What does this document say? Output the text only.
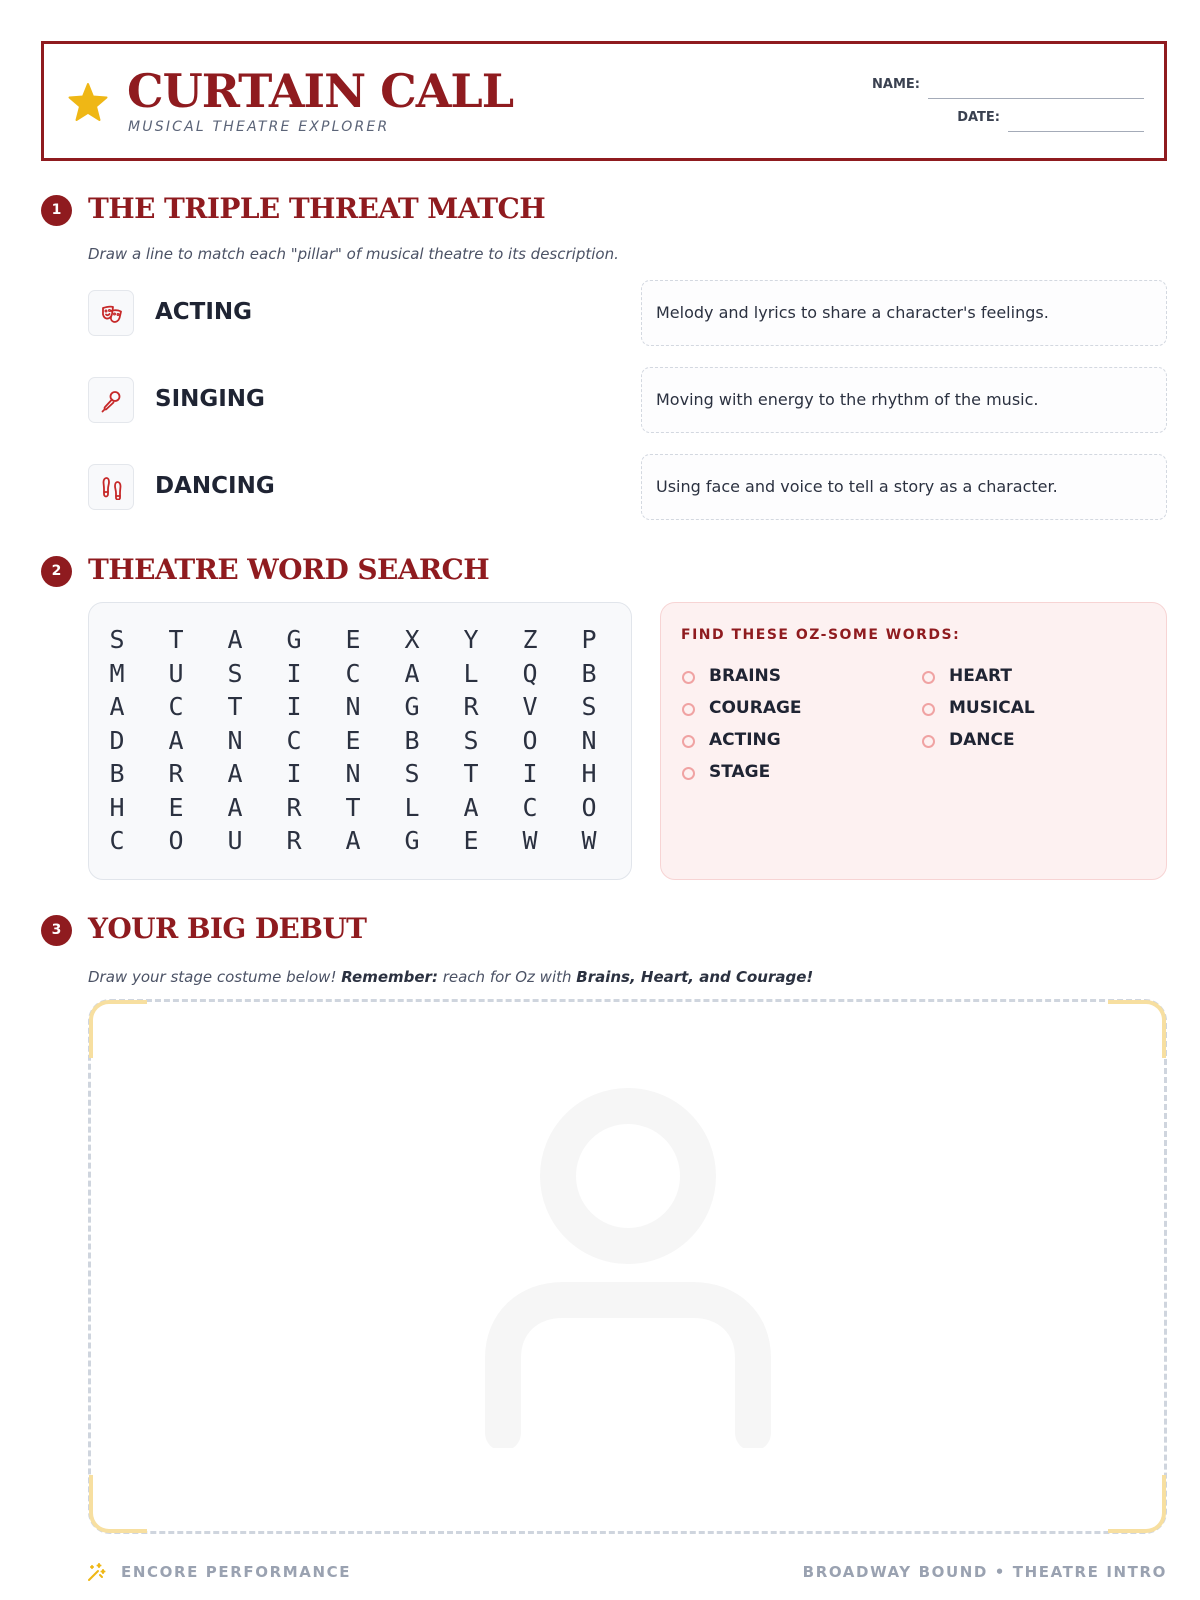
CURTAIN CALL
MUSICAL THEATRE EXPLORER
NAME:
DATE:
1 THE TRIPLE THREAT MATCH
Draw a line to match each "pillar" of musical theatre to its description.
ACTING
SINGING
DANCING
Melody and lyrics to share a character's feelings.
Moving with energy to the rhythm of the music.
Using face and voice to tell a story as a character.
2 THEATRE WORD SEARCH
S	T	A	G	E	X	Y	Z	P
M	U	S	I	C	A	L	Q	B
A	C	T	I	N	G	R	V	S
D	A	N	C	E	B	S	O	N
B	R	A	I	N	S	T	I	H
H	E	A	R	T	L	A	C	O
C	O	U	R	A	G	E	W	W
FIND THESE OZ-SOME WORDS:
BRAINS
COURAGE
ACTING
STAGE
HEART
MUSICAL
DANCE
3 YOUR BIG DEBUT
Draw your stage costume below! Remember: reach for Oz with Brains, Heart, and Courage!
ENCORE PERFORMANCE	BROADWAY BOUND • THEATRE INTRO
